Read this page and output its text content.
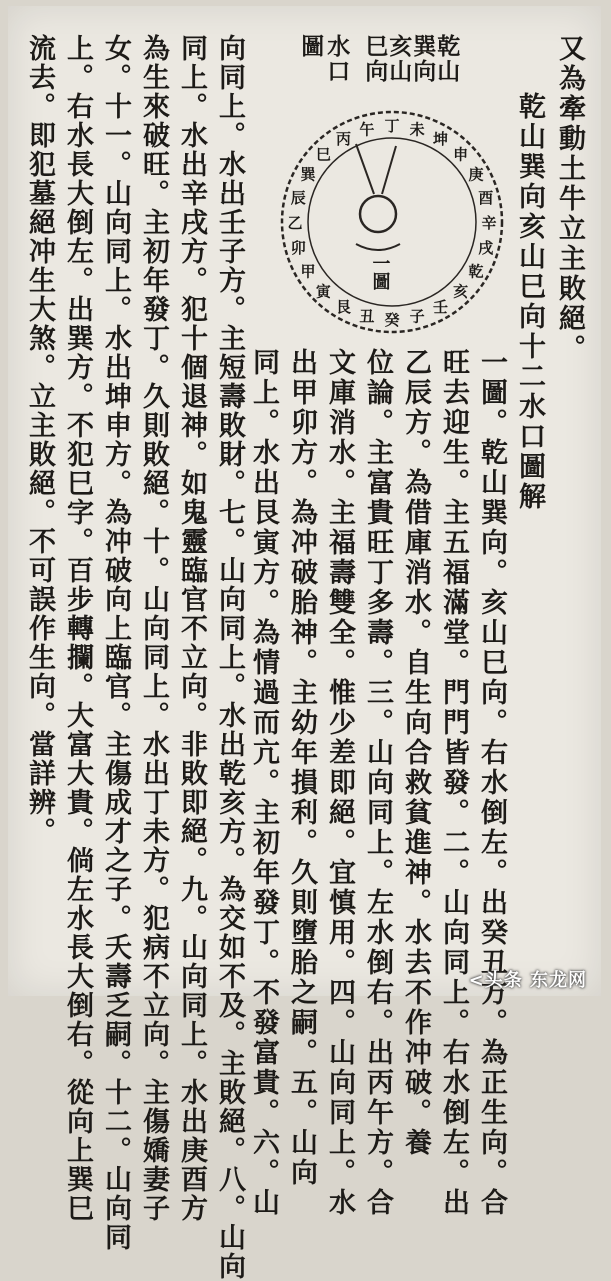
又為牽動土牛立主敗絕。
乾山巽向亥山巳向十二水口圖解
乾山
巽向
亥山
巳向
水口
圖
丁 未
坤
申
庚
酉
辛
戌
乾
亥
壬
子
癸
丑
艮
寅
甲
卯
乙
辰
巽
巳
丙
午
一圖
一圖。乾山巽向。亥山巳向。右水倒左。出癸丑方。為正生向。合
旺去迎生。主五福滿堂。門門皆發。二。山向同上。右水倒左。出
乙辰方。為借庫消水。自生向合救貧進神。水去不作冲破。養
位論。主富貴旺丁多壽。三。山向同上。左水倒右。出丙午方。合
文庫消水。主福壽雙全。惟少差即絕。宜慎用。四。山向同上。水
出甲卯方。為冲破胎神。主幼年損利。久則墮胎之嗣。五。山向
同上。水出艮寅方。為情過而亢。主初年發丁。不發富貴。六。山
向同上。水出壬子方。主短壽敗財。七。山向同上。水出乾亥方。為交如不及。主敗絕。八。山向
同上。水出辛戌方。犯十個退神。如鬼靈臨官不立向。非敗即絕。九。山向同上。水出庚酉方
為生來破旺。主初年發丁。久則敗絕。十。山向同上。水出丁未方。犯病不立向。主傷嬌妻子
女。十一。山向同上。水出坤申方。為冲破向上臨官。主傷成才之子。夭壽乏嗣。十二。山向同
上。右水長大倒左。出巽方。不犯巳字。百步轉攔。大富大貴。倘左水長大倒右。從向上巽巳
流去。即犯墓絕冲生大煞。立主敗絕。不可誤作生向。當詳辨。
<头条 东龙网
